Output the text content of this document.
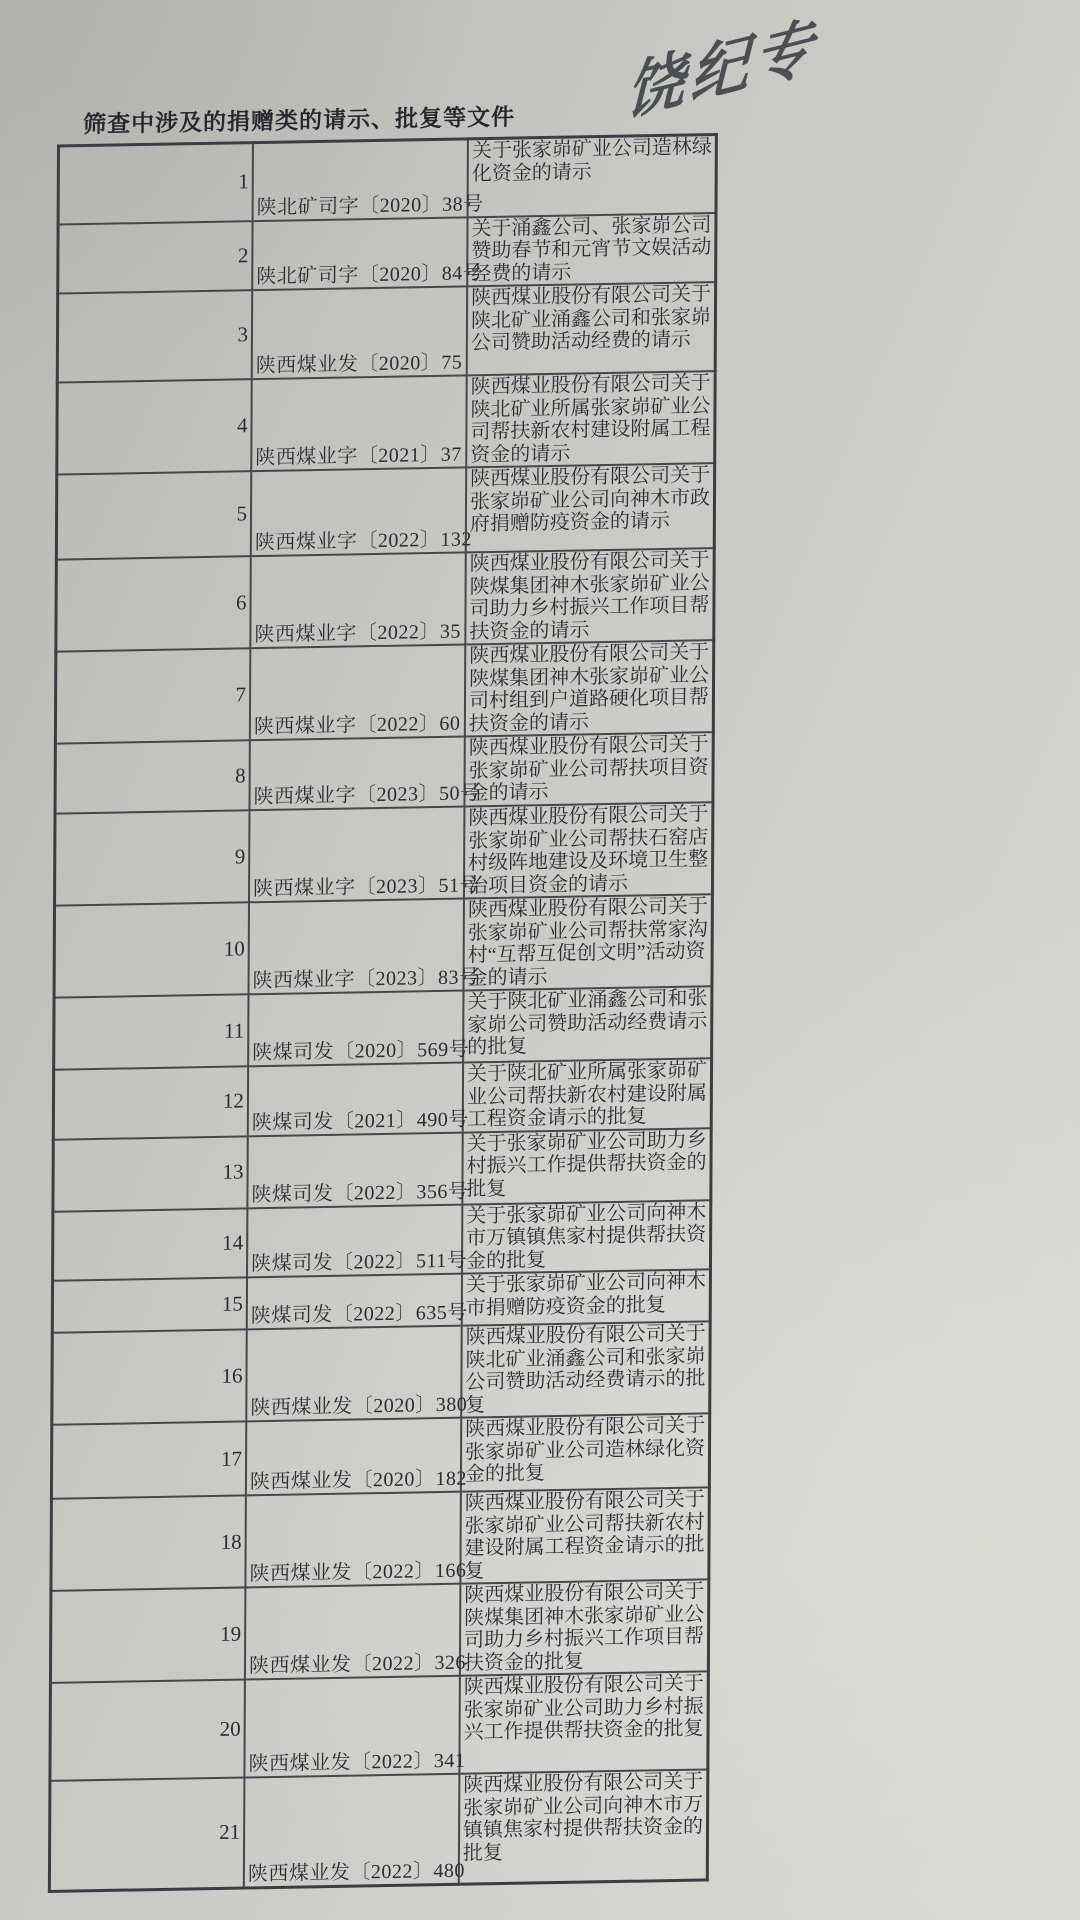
饶纪专
筛查中涉及的捐赠类的请示、批复等文件
1	陕北矿司字〔2020〕38号	关于张家峁矿业公司造林绿化资金的请示
2	陕北矿司字〔2020〕84号	关于涌鑫公司、张家峁公司赞助春节和元宵节文娱活动经费的请示
3	陕西煤业发〔2020〕75	陕西煤业股份有限公司关于陕北矿业涌鑫公司和张家峁公司赞助活动经费的请示
4	陕西煤业字〔2021〕37	陕西煤业股份有限公司关于陕北矿业所属张家峁矿业公司帮扶新农村建设附属工程资金的请示
5	陕西煤业字〔2022〕132	陕西煤业股份有限公司关于张家峁矿业公司向神木市政府捐赠防疫资金的请示
6	陕西煤业字〔2022〕35	陕西煤业股份有限公司关于陕煤集团神木张家峁矿业公司助力乡村振兴工作项目帮扶资金的请示
7	陕西煤业字〔2022〕60	陕西煤业股份有限公司关于陕煤集团神木张家峁矿业公司村组到户道路硬化项目帮扶资金的请示
8	陕西煤业字〔2023〕50号	陕西煤业股份有限公司关于张家峁矿业公司帮扶项目资金的请示
9	陕西煤业字〔2023〕51号	陕西煤业股份有限公司关于张家峁矿业公司帮扶石窑店村级阵地建设及环境卫生整治项目资金的请示
10	陕西煤业字〔2023〕83号	陕西煤业股份有限公司关于张家峁矿业公司帮扶常家沟村“互帮互促创文明”活动资金的请示
11	陕煤司发〔2020〕569号	关于陕北矿业涌鑫公司和张家峁公司赞助活动经费请示的批复
12	陕煤司发〔2021〕490号	关于陕北矿业所属张家峁矿业公司帮扶新农村建设附属工程资金请示的批复
13	陕煤司发〔2022〕356号	关于张家峁矿业公司助力乡村振兴工作提供帮扶资金的批复
14	陕煤司发〔2022〕511号	关于张家峁矿业公司向神木市万镇镇焦家村提供帮扶资金的批复
15	陕煤司发〔2022〕635号	关于张家峁矿业公司向神木市捐赠防疫资金的批复
16	陕西煤业发〔2020〕380	陕西煤业股份有限公司关于陕北矿业涌鑫公司和张家峁公司赞助活动经费请示的批复
17	陕西煤业发〔2020〕182	陕西煤业股份有限公司关于张家峁矿业公司造林绿化资金的批复
18	陕西煤业发〔2022〕166	陕西煤业股份有限公司关于张家峁矿业公司帮扶新农村建设附属工程资金请示的批复
19	陕西煤业发〔2022〕326	陕西煤业股份有限公司关于陕煤集团神木张家峁矿业公司助力乡村振兴工作项目帮扶资金的批复
20	陕西煤业发〔2022〕341	陕西煤业股份有限公司关于张家峁矿业公司助力乡村振兴工作提供帮扶资金的批复
21	陕西煤业发〔2022〕480	陕西煤业股份有限公司关于张家峁矿业公司向神木市万镇镇焦家村提供帮扶资金的批复
